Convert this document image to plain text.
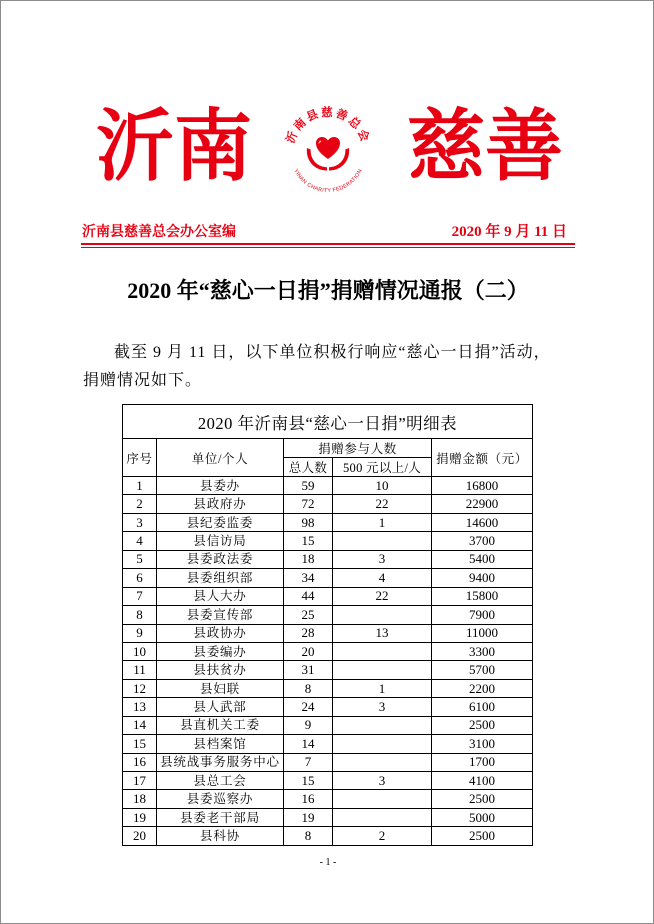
沂南	沂南县慈善总会
YINAN CHARITY FEDERATION 慈善
沂南县慈善总会办公室编	2020 年 9 月 11 日
2020 年“慈心一日捐”捐赠情况通报（二）
截至 9 月 11 日，以下单位积极行响应“慈心一日捐”活动，
捐赠情况如下。
2020 年沂南县“慈心一日捐”明细表				
序号	单位/个人	捐赠参与人数		捐赠金额（元）
		总人数	500 元以上/人	
1	县委办	59	10	16800
2	县政府办	72	22	22900
3	县纪委监委	98	1	14600
4	县信访局	15		3700
5	县委政法委	18	3	5400
6	县委组织部	34	4	9400
7	县人大办	44	22	15800
8	县委宣传部	25		7900
9	县政协办	28	13	11000
10	县委编办	20		3300
11	县扶贫办	31		5700
12	县妇联	8	1	2200
13	县人武部	24	3	6100
14	县直机关工委	9		2500
15	县档案馆	14		3100
16	县统战事务服务中心	7		1700
17	县总工会	15	3	4100
18	县委巡察办	16		2500
19	县委老干部局	19		5000
20	县科协	8	2	2500
- 1 -
